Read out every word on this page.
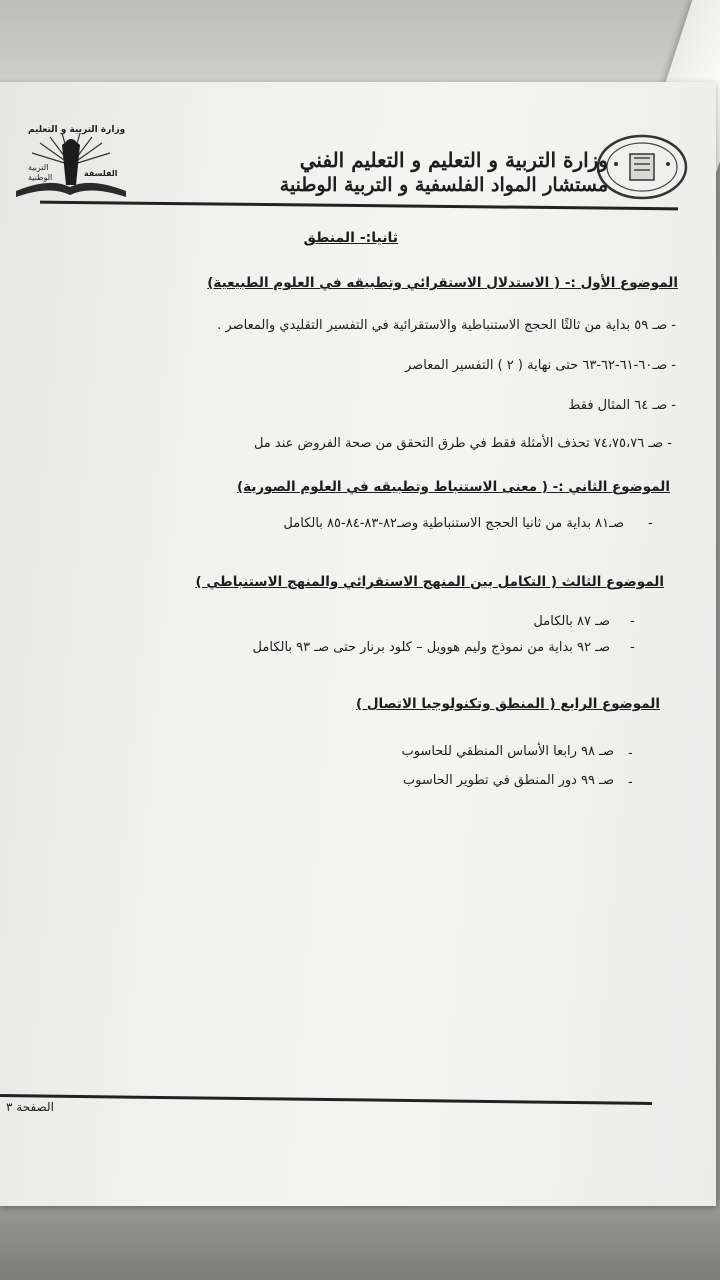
وزارة التربية و التعليم
التربية
الوطنية	الفلسفة
وزارة التربية و التعليم و التعليم الفني
مستشار المواد الفلسفية و التربية الوطنية
ثانيا:- المنطق
الموضوع الأول :- ( الاستدلال الاستقرائي وتطبيقه في العلوم الطبيعية)
- صـ ٥٩ بداية من ثالثًا الحجج الاستنباطية والاستقرائية في التفسير التقليدي والمعاصر .
- صـ٦٠-٦١-٦٢-٦٣ حتى نهاية ( ٢ ) التفسير المعاصر
- صـ ٦٤ المثال فقط
- صـ ٧٤،٧٥،٧٦ تحذف الأمثلة فقط في طرق التحقق من صحة الفروض عند مل
الموضوع الثاني :- ( معنى الاستنباط وتطبيقه في العلوم الصورية)
-
صـ٨١ بداية من ثانيا الحجج الاستنباطية وصـ٨٢-٨٣-٨٤-٨٥ بالكامل
الموضوع الثالث ( التكامل بين المنهج الاستقرائي والمنهج الاستنباطي )
-
صـ ٨٧ بالكامل
-
صـ ٩٢ بداية من نموذج وليم هوويل – كلود برنار حتى صـ ٩٣ بالكامل
الموضوع الرابع ( المنطق وتكنولوجيا الاتصال )
-
صـ ٩٨ رابعا الأساس المنطقي للحاسوب
-
صـ ٩٩ دور المنطق في تطوير الحاسوب
الصفحة ٣
